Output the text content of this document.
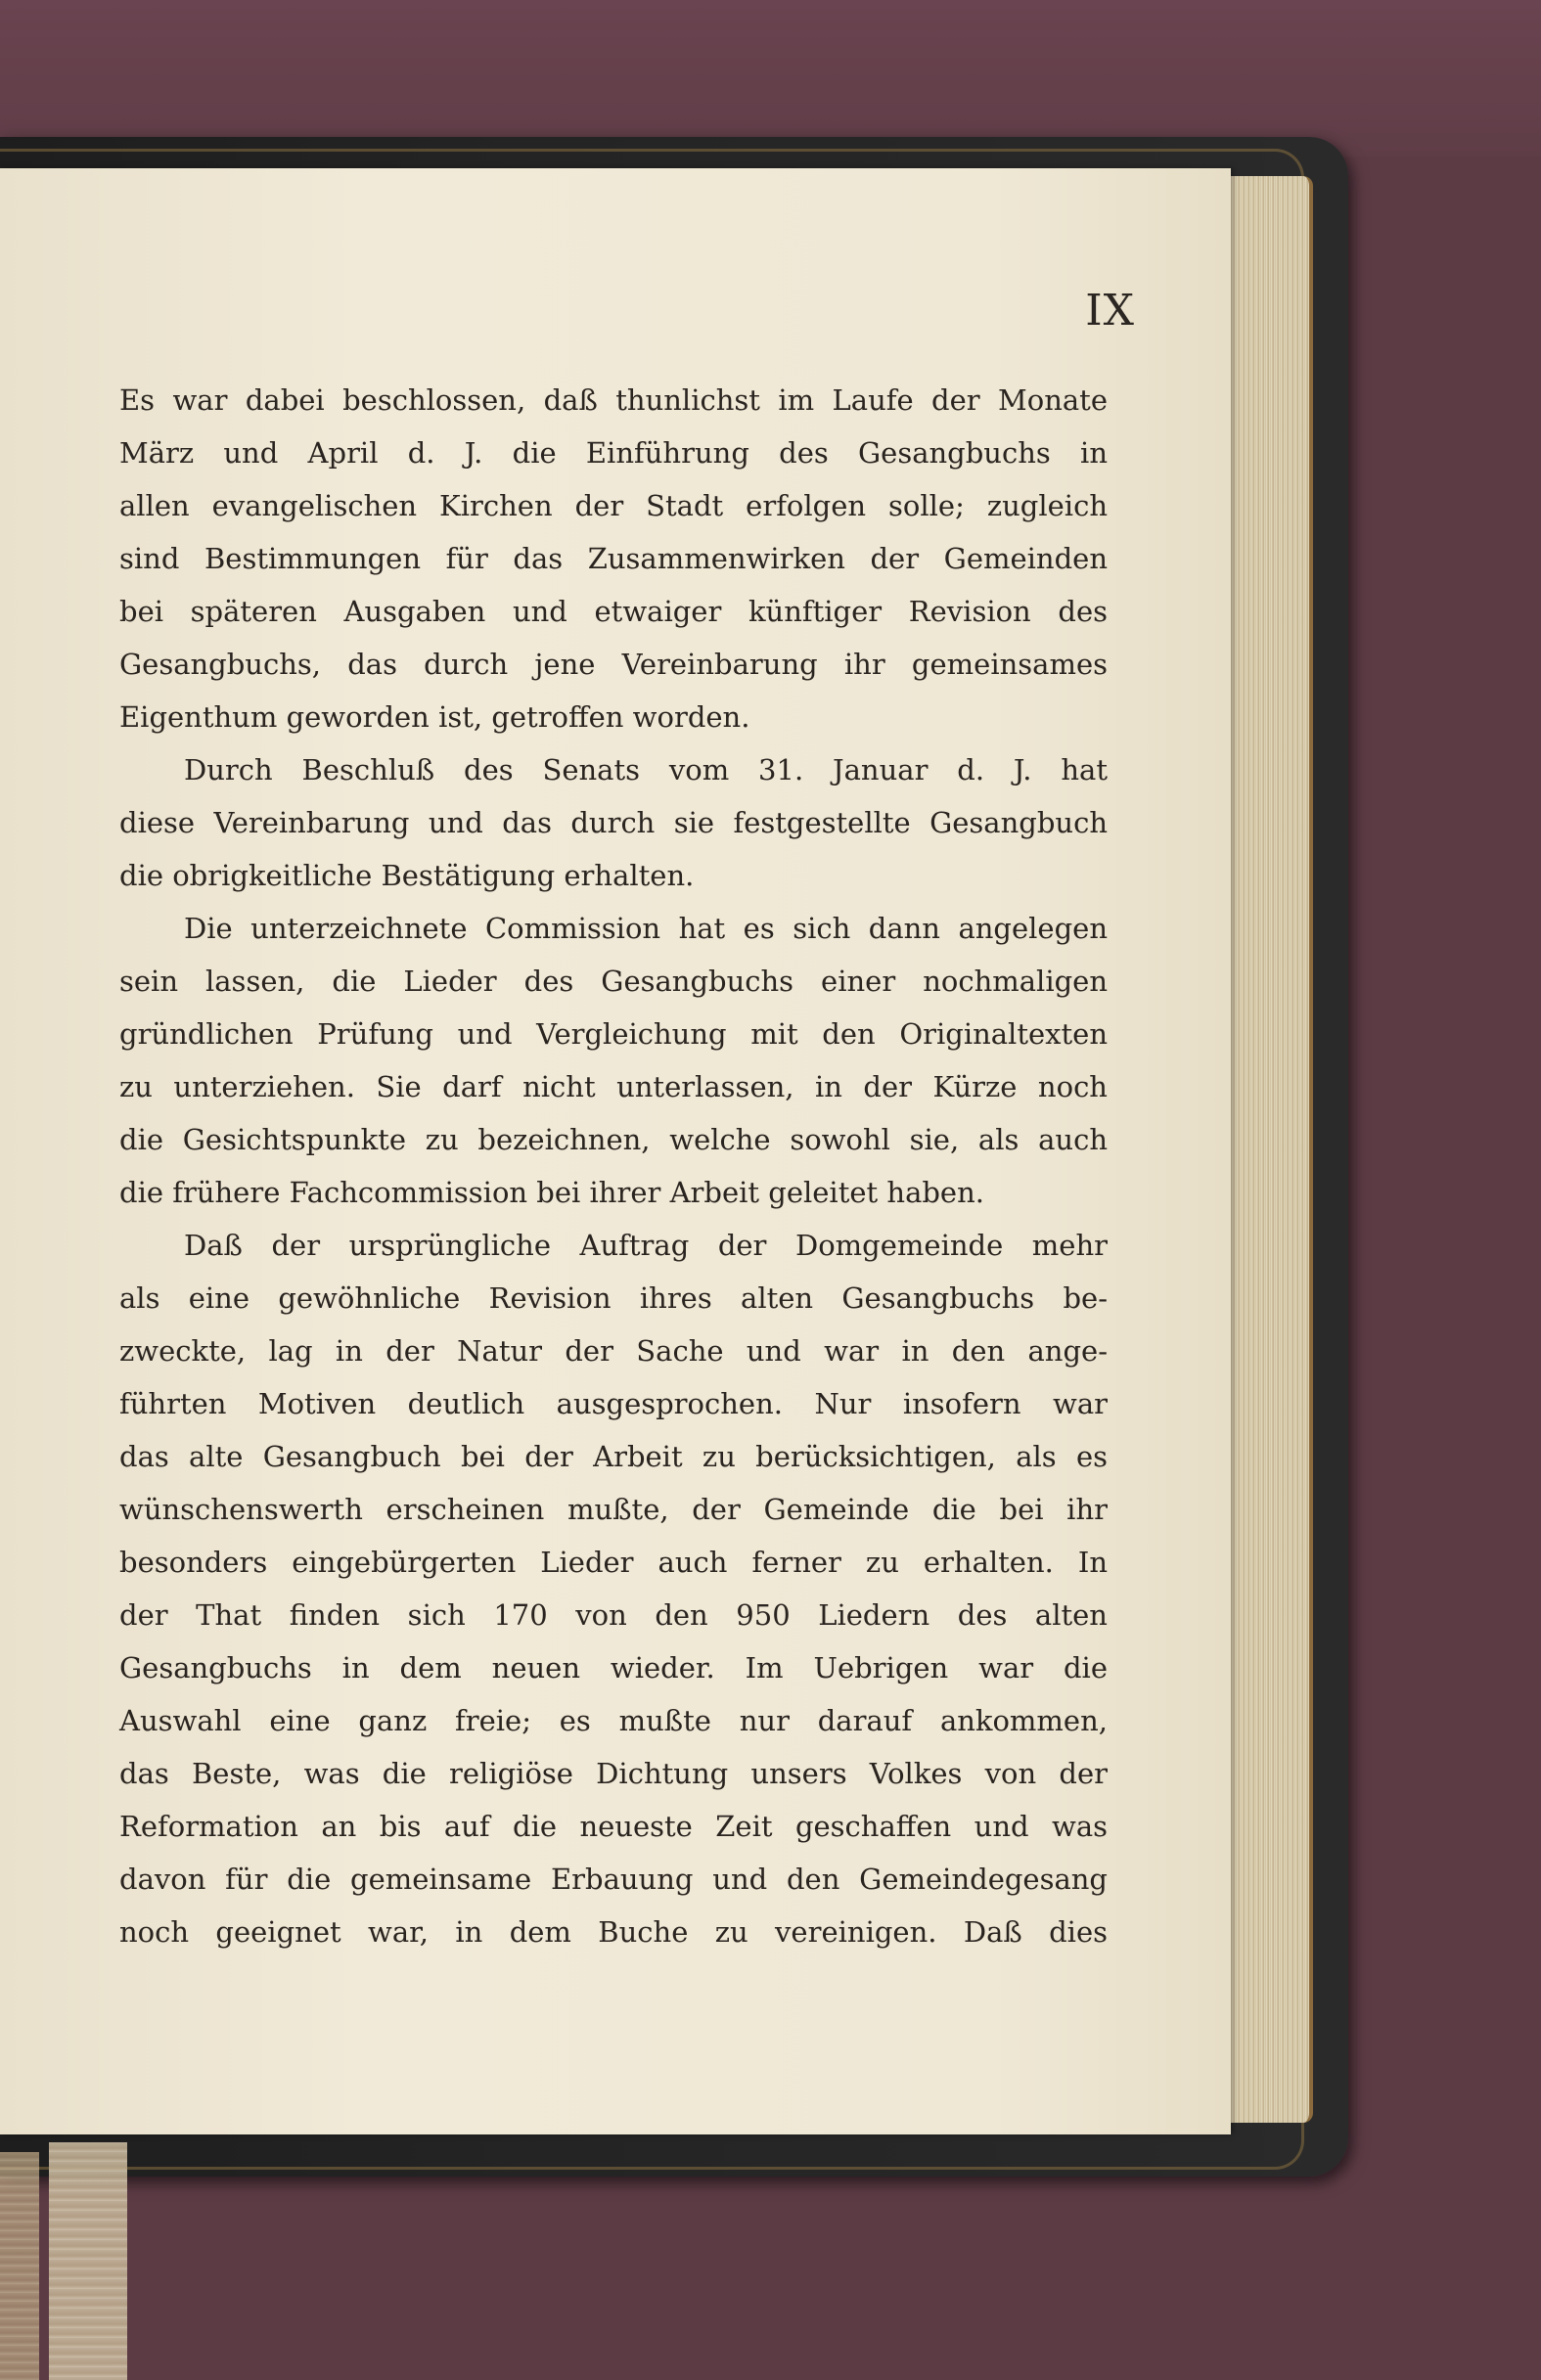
IX
Es war dabei beschlossen, daß thunlichst im Laufe der Monate
März und April d. J. die Einführung des Gesangbuchs in
allen evangelischen Kirchen der Stadt erfolgen solle; zugleich
sind Bestimmungen für das Zusammenwirken der Gemeinden
bei späteren Ausgaben und etwaiger künftiger Revision des
Gesangbuchs, das durch jene Vereinbarung ihr gemeinsames
Eigenthum geworden ist, getroffen worden.
Durch Beschluß des Senats vom 31. Januar d. J. hat
diese Vereinbarung und das durch sie festgestellte Gesangbuch
die obrigkeitliche Bestätigung erhalten.
Die unterzeichnete Commission hat es sich dann angelegen
sein lassen, die Lieder des Gesangbuchs einer nochmaligen
gründlichen Prüfung und Vergleichung mit den Originaltexten
zu unterziehen. Sie darf nicht unterlassen, in der Kürze noch
die Gesichtspunkte zu bezeichnen, welche sowohl sie, als auch
die frühere Fachcommission bei ihrer Arbeit geleitet haben.
Daß der ursprüngliche Auftrag der Domgemeinde mehr
als eine gewöhnliche Revision ihres alten Gesangbuchs be-
zweckte, lag in der Natur der Sache und war in den ange-
führten Motiven deutlich ausgesprochen. Nur insofern war
das alte Gesangbuch bei der Arbeit zu berücksichtigen, als es
wünschenswerth erscheinen mußte, der Gemeinde die bei ihr
besonders eingebürgerten Lieder auch ferner zu erhalten. In
der That finden sich 170 von den 950 Liedern des alten
Gesangbuchs in dem neuen wieder. Im Uebrigen war die
Auswahl eine ganz freie; es mußte nur darauf ankommen,
das Beste, was die religiöse Dichtung unsers Volkes von der
Reformation an bis auf die neueste Zeit geschaffen und was
davon für die gemeinsame Erbauung und den Gemeindegesang
noch geeignet war, in dem Buche zu vereinigen. Daß dies
